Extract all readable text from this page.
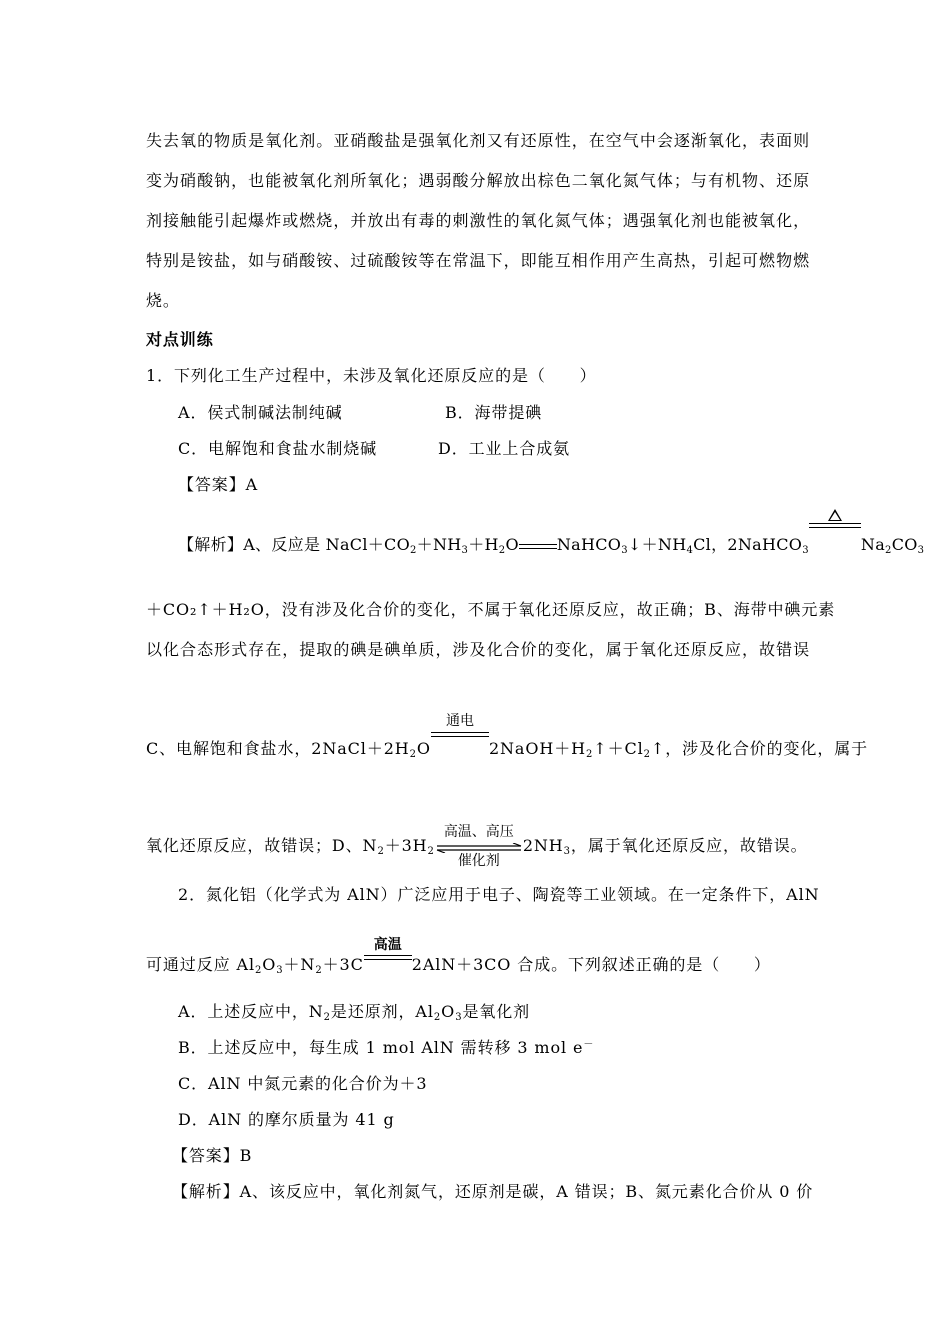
失去氧的物质是氧化剂。亚硝酸盐是强氧化剂又有还原性，在空气中会逐渐氧化，表面则
变为硝酸钠，也能被氧化剂所氧化；遇弱酸分解放出棕色二氧化氮气体；与有机物、还原
剂接触能引起爆炸或燃烧，并放出有毒的刺激性的氧化氮气体；遇强氧化剂也能被氧化，
特别是铵盐，如与硝酸铵、过硫酸铵等在常温下，即能互相作用产生高热，引起可燃物燃
烧。
对点训练
1．下列化工生产过程中，未涉及氧化还原反应的是（　　）
A．侯式制碱法制纯碱	B．海带提碘
C．电解饱和食盐水制烧碱	D．工业上合成氨
【答案】A
【解析】A、反应是 $NaCl+CO_2+NH_3+H_2O$ $NaHCO_3↓+NH_4Cl$，2NaHCO$_3$	$Na_2CO_3$
＋CO₂↑＋H₂O，没有涉及化合价的变化，不属于氧化还原反应，故正确；B、海带中碘元素
以化合态形式存在，提取的碘是碘单质，涉及化合价的变化，属于氧化还原反应，故错误
C、电解饱和食盐水，$2NaCl+2H_2O$
通电
$2NaOH+H_2↑+Cl_2↑$，涉及化合价的变化，属于
氧化还原反应，故错误；D、$N_2+3H_2$
高温、高压
催化剂
$2NH_3$，属于氧化还原反应，故错误。
2．氮化铝（化学式为 AlN）广泛应用于电子、陶瓷等工业领域。在一定条件下，AlN
可通过反应 $Al_2O_3+N_2+3C$
高温
2AlN＋3CO 合成。下列叙述正确的是（　　）
A．上述反应中，$N_2$是还原剂，$Al_2O_3$是氧化剂
B．上述反应中，每生成 1 mol AlN 需转移 3 mol e－
C．AlN 中氮元素的化合价为＋3
D．AlN 的摩尔质量为 41 g
【答案】B
【解析】A、该反应中，氧化剂氮气，还原剂是碳，A 错误；B、氮元素化合价从 0 价
